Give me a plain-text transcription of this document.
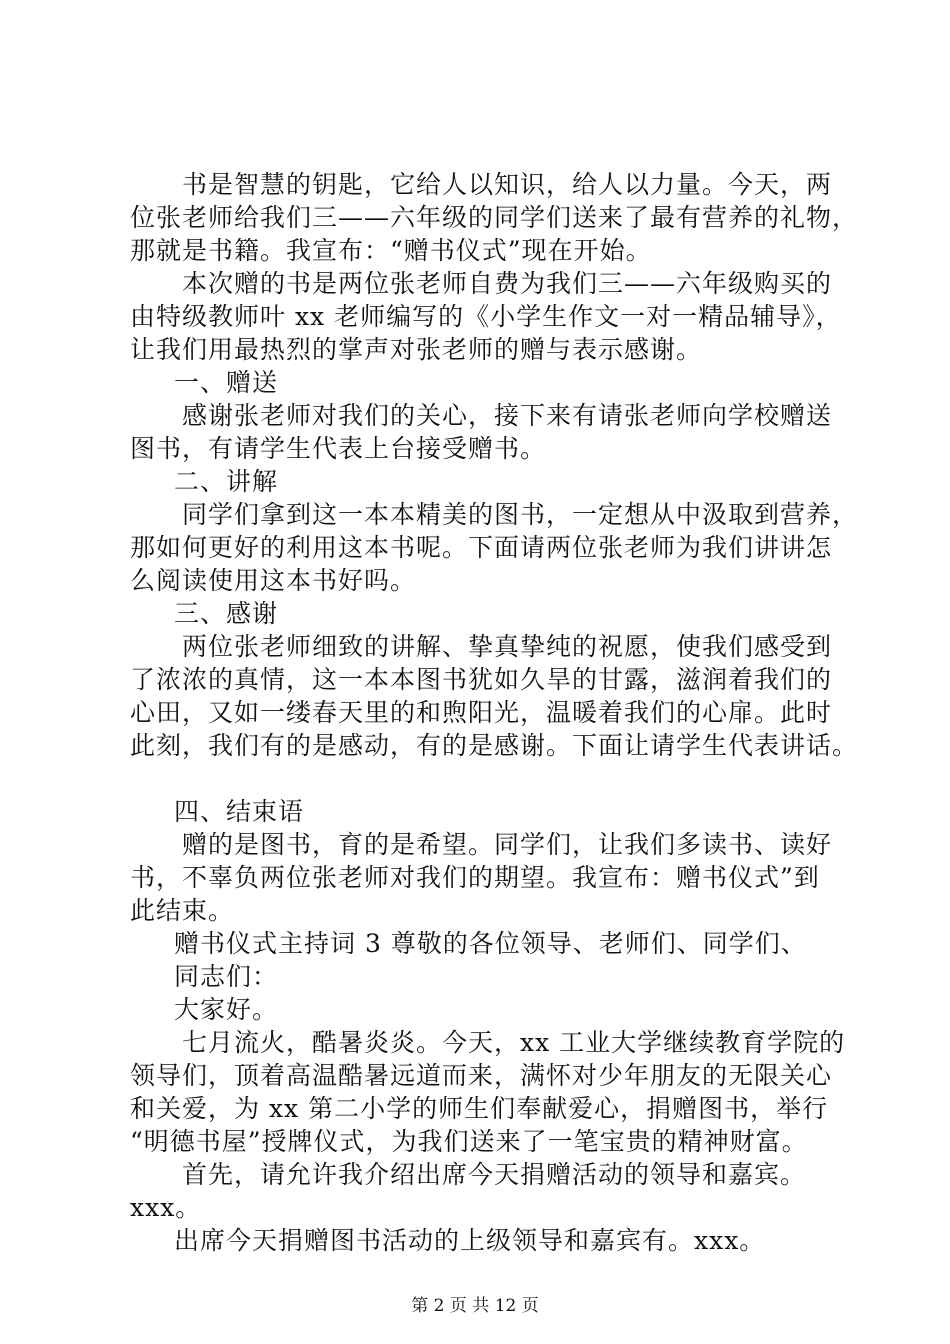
书是智慧的钥匙，它给人以知识，给人以力量。今天，两
位张老师给我们三——六年级的同学们送来了最有营养的礼物，
那就是书籍。我宣布：“赠书仪式”现在开始。
本次赠的书是两位张老师自费为我们三——六年级购买的
由特级教师叶 xx 老师编写的《小学生作文一对一精品辅导》，
让我们用最热烈的掌声对张老师的赠与表示感谢。
一、赠送
感谢张老师对我们的关心，接下来有请张老师向学校赠送
图书，有请学生代表上台接受赠书。
二、讲解
同学们拿到这一本本精美的图书，一定想从中汲取到营养，
那如何更好的利用这本书呢。下面请两位张老师为我们讲讲怎
么阅读使用这本书好吗。
三、感谢
两位张老师细致的讲解、挚真挚纯的祝愿，使我们感受到
了浓浓的真情，这一本本图书犹如久旱的甘露，滋润着我们的
心田，又如一缕春天里的和煦阳光，温暖着我们的心扉。此时
此刻，我们有的是感动，有的是感谢。下面让请学生代表讲话。
四、结束语
赠的是图书，育的是希望。同学们，让我们多读书、读好
书，不辜负两位张老师对我们的期望。我宣布：赠书仪式”到
此结束。
赠书仪式主持词 3 尊敬的各位领导、老师们、同学们、
同志们：
大家好。
七月流火，酷暑炎炎。今天，xx 工业大学继续教育学院的
领导们，顶着高温酷暑远道而来，满怀对少年朋友的无限关心
和关爱，为 xx 第二小学的师生们奉献爱心，捐赠图书，举行
“明德书屋”授牌仪式，为我们送来了一笔宝贵的精神财富。
首先，请允许我介绍出席今天捐赠活动的领导和嘉宾。
xxx。
出席今天捐赠图书活动的上级领导和嘉宾有。xxx。
第 2 页 共 12 页
